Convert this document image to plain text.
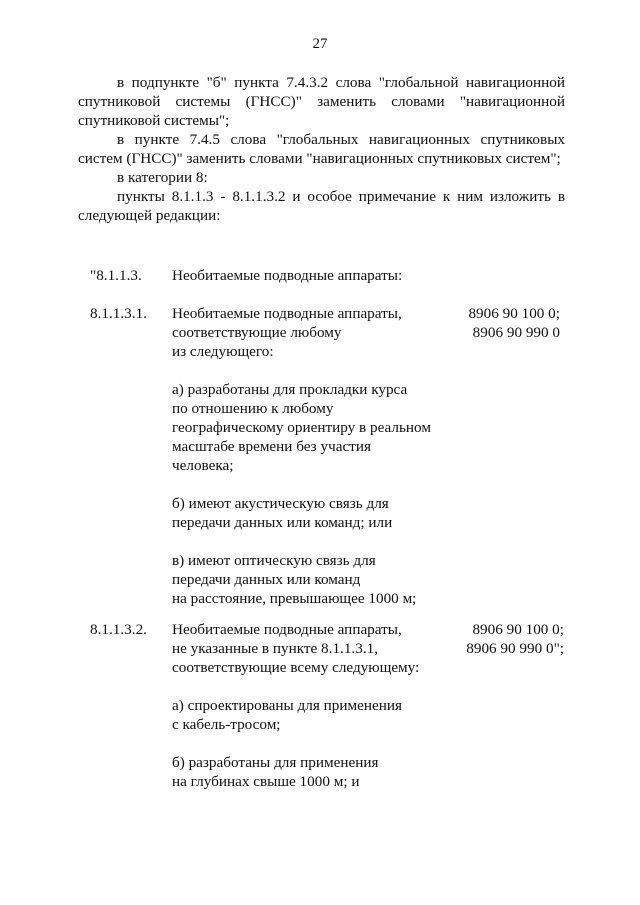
27

в подпункте "б" пункта 7.4.3.2 слова "глобальной навигационной спутниковой системы (ГНСС)" заменить словами "навигационной спутниковой системы";

в пункте 7.4.5 слова "глобальных навигационных спутниковых систем (ГНСС)" заменить словами "навигационных спутниковых систем";

в категории 8:

пункты 8.1.1.3 - 8.1.1.3.2 и особое примечание к ним изложить в следующей редакции:

"8.1.1.3. Необитаемые подводные аппараты:
8.1.1.3.1. Необитаемые подводные аппараты,
соответствующие любому
из следующего:
8906 90 100 0;
8906 90 990 0
а) разработаны для прокладки курса
по отношению к любому
географическому ориентиру в реальном
масштабе времени без участия
человека;
б) имеют акустическую связь для
передачи данных или команд; или
в) имеют оптическую связь для
передачи данных или команд
на расстояние, превышающее 1000 м;
8.1.1.3.2. Необитаемые подводные аппараты,
не указанные в пункте 8.1.1.3.1,
соответствующие всему следующему:
8906 90 100 0;
8906 90 990 0";
а) спроектированы для применения
с кабель-тросом;
б) разработаны для применения
на глубинах свыше 1000 м; и
